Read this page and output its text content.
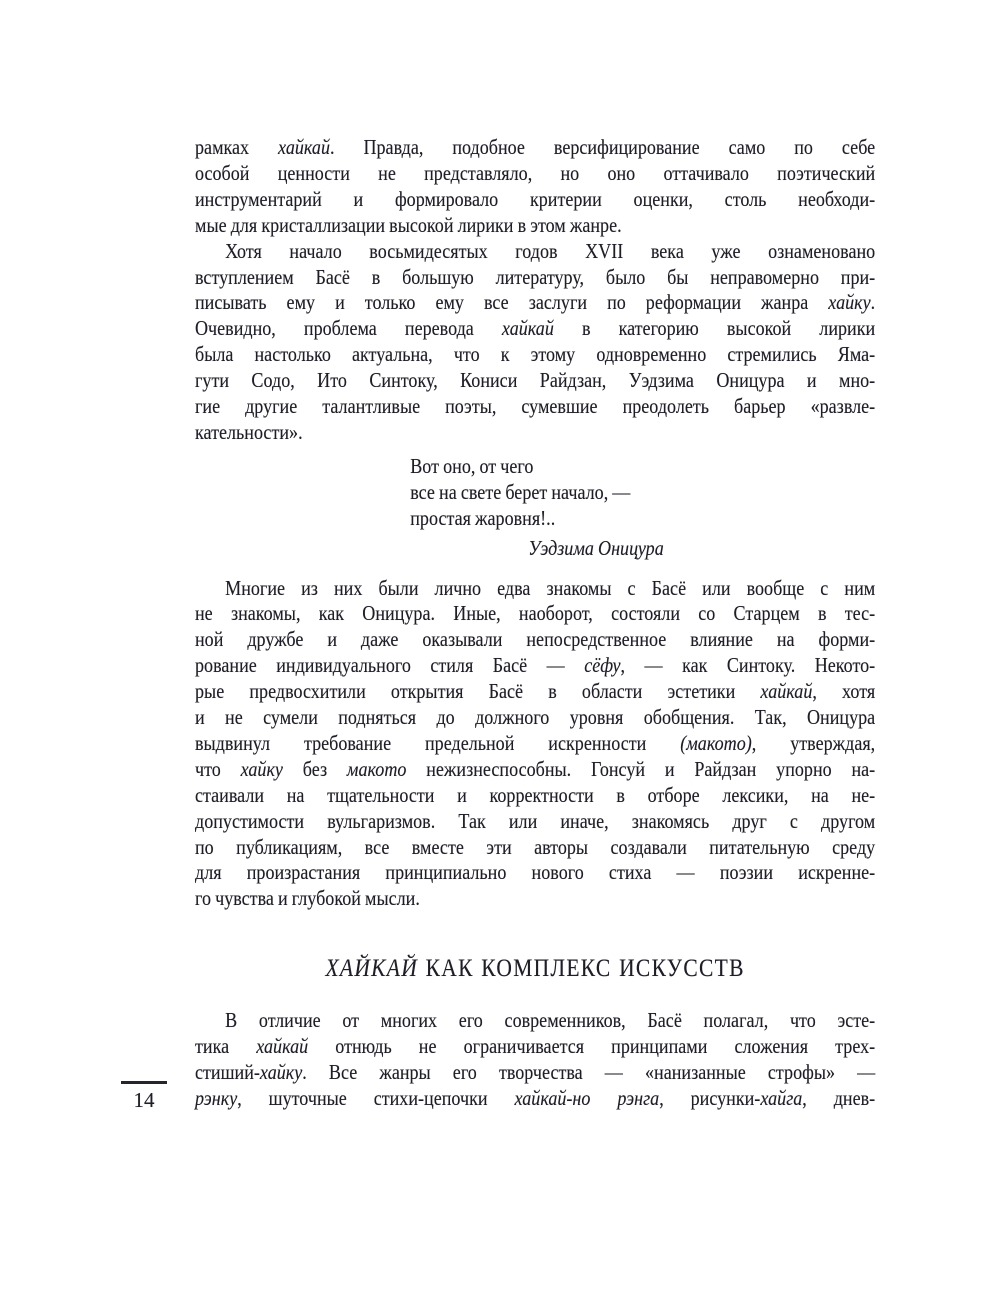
рамках хайкай. Правда, подобное версифицирование само по себе
особой ценности не представляло, но оно оттачивало поэтический
инструментарий и формировало критерии оценки, столь необходи-
мые для кристаллизации высокой лирики в этом жанре.
Хотя начало восьмидесятых годов XVII века уже ознаменовано
вступлением Басё в большую литературу, было бы неправомерно при-
писывать ему и только ему все заслуги по реформации жанра хайку.
Очевидно, проблема перевода хайкай в категорию высокой лирики
была настолько актуальна, что к этому одновременно стремились Яма-
гути Содо, Ито Синтоку, Кониси Райдзан, Уэдзима Оницура и мно-
гие другие талантливые поэты, сумевшие преодолеть барьер «развле-
кательности».
Вот оно, от чего
все на свете берет начало, —
простая жаровня!..
Уэдзима Оницура
Многие из них были лично едва знакомы с Басё или вообще с ним
не знакомы, как Оницура. Иные, наоборот, состояли со Старцем в тес-
ной дружбе и даже оказывали непосредственное влияние на форми-
рование индивидуального стиля Басё — сёфу, — как Синтоку. Некото-
рые предвосхитили открытия Басё в области эстетики хайкай, хотя
и не сумели подняться до должного уровня обобщения. Так, Оницура
выдвинул требование предельной искренности (макото), утверждая,
что хайку без макото нежизнеспособны. Гонсуй и Райдзан упорно на-
стаивали на тщательности и корректности в отборе лексики, на не-
допустимости вульгаризмов. Так или иначе, знакомясь друг с другом
по публикациям, все вместе эти авторы создавали питательную среду
для произрастания принципиально нового стиха — поэзии искренне-
го чувства и глубокой мысли.
ХАЙКАЙ КАК КОМПЛЕКС ИСКУССТВ
В отличие от многих его современников, Басё полагал, что эсте-
тика хайкай отнюдь не ограничивается принципами сложения трех-
стиший-хайку. Все жанры его творчества — «нанизанные строфы» —
рэнку, шуточные стихи-цепочки хайкай-но рэнга, рисунки-хайга, днев-
14
